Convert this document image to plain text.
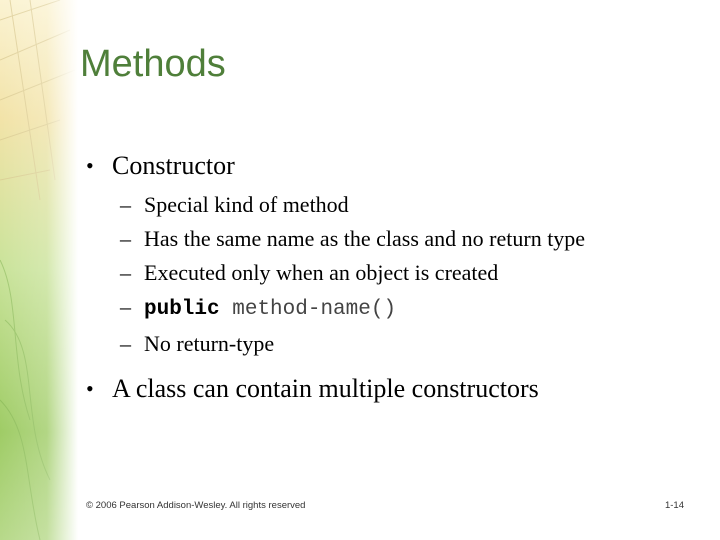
Methods
• Constructor
– Special kind of method
– Has the same name as the class and no return type
– Executed only when an object is created
– public method-name()
– No return-type
• A class can contain multiple constructors
© 2006 Pearson Addison-Wesley. All rights reserved	1-14
